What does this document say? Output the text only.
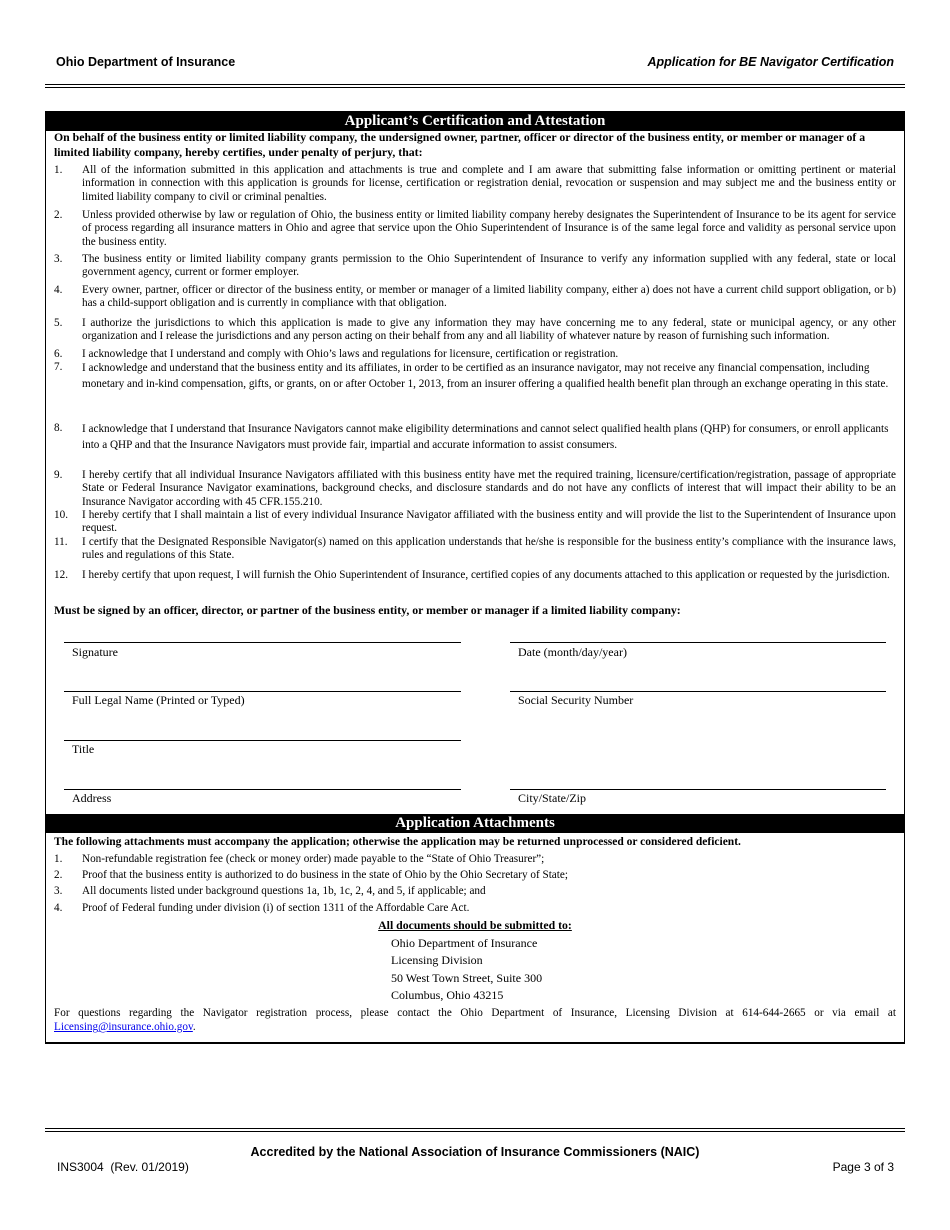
Ohio Department of Insurance	Application for BE Navigator Certification
Applicant’s Certification and Attestation
On behalf of the business entity or limited liability company, the undersigned owner, partner, officer or director of the business entity, or member or manager of a limited liability company, hereby certifies, under penalty of perjury, that:
1. All of the information submitted in this application and attachments is true and complete and I am aware that submitting false information or omitting pertinent or material information in connection with this application is grounds for license, certification or registration denial, revocation or suspension and may subject me and the business entity or limited liability company to civil or criminal penalties.
2. Unless provided otherwise by law or regulation of Ohio, the business entity or limited liability company hereby designates the Superintendent of Insurance to be its agent for service of process regarding all insurance matters in Ohio and agree that service upon the Ohio Superintendent of Insurance is of the same legal force and validity as personal service upon the business entity.
3. The business entity or limited liability company grants permission to the Ohio Superintendent of Insurance to verify any information supplied with any federal, state or local government agency, current or former employer.
4. Every owner, partner, officer or director of the business entity, or member or manager of a limited liability company, either a) does not have a current child support obligation, or b) has a child-support obligation and is currently in compliance with that obligation.
5. I authorize the jurisdictions to which this application is made to give any information they may have concerning me to any federal, state or municipal agency, or any other organization and I release the jurisdictions and any person acting on their behalf from any and all liability of whatever nature by reason of furnishing such information.
6. I acknowledge that I understand and comply with Ohio’s laws and regulations for licensure, certification or registration.
7. I acknowledge and understand that the business entity and its affiliates, in order to be certified as an insurance navigator, may not receive any financial compensation, including monetary and in-kind compensation, gifts, or grants, on or after October 1, 2013, from an insurer offering a qualified health benefit plan through an exchange operating in this state.
8. I acknowledge that I understand that Insurance Navigators cannot make eligibility determinations and cannot select qualified health plans (QHP) for consumers, or enroll applicants into a QHP and that the Insurance Navigators must provide fair, impartial and accurate information to assist consumers.
9. I hereby certify that all individual Insurance Navigators affiliated with this business entity have met the required training, licensure/certification/registration, passage of appropriate State or Federal Insurance Navigator examinations, background checks, and disclosure standards and do not have any conflicts of interest that will impact their ability to be an Insurance Navigator according with 45 CFR.155.210.
10. I hereby certify that I shall maintain a list of every individual Insurance Navigator affiliated with the business entity and will provide the list to the Superintendent of Insurance upon request.
11. I certify that the Designated Responsible Navigator(s) named on this application understands that he/she is responsible for the business entity’s compliance with the insurance laws, rules and regulations of this State.
12. I hereby certify that upon request, I will furnish the Ohio Superintendent of Insurance, certified copies of any documents attached to this application or requested by the jurisdiction.
Must be signed by an officer, director, or partner of the business entity, or member or manager if a limited liability company:
Signature	Date (month/day/year)
Full Legal Name (Printed or Typed)	Social Security Number
Title
Address	City/State/Zip
Application Attachments
The following attachments must accompany the application; otherwise the application may be returned unprocessed or considered deficient.
1. Non-refundable registration fee (check or money order) made payable to the “State of Ohio Treasurer”;
2. Proof that the business entity is authorized to do business in the state of Ohio by the Ohio Secretary of State;
3. All documents listed under background questions 1a, 1b, 1c, 2, 4, and 5, if applicable; and
4. Proof of Federal funding under division (i) of section 1311 of the Affordable Care Act.
All documents should be submitted to:
Ohio Department of Insurance
Licensing Division
50 West Town Street, Suite 300
Columbus, Ohio 43215
For questions regarding the Navigator registration process, please contact the Ohio Department of Insurance, Licensing Division at 614-644-2665 or via email at Licensing@insurance.ohio.gov.
Accredited by the National Association of Insurance Commissioners (NAIC)
INS3004  (Rev. 01/2019)	Page 3 of 3
